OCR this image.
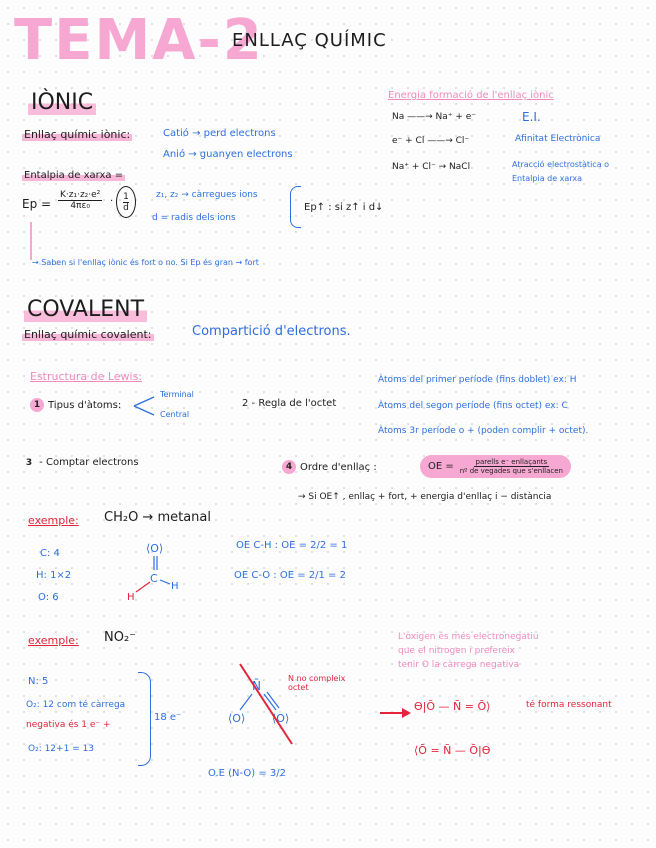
TEMA-2
ENLLAÇ QUÍMIC
IÒNIC
Enllaç químic iònic:	Catió → perd electrons
Anió → guanyen electrons
Entalpia de xarxa =
$Ep = \frac{\text{K·z₁·z₂·e²}}{\text{4πε₀}} \cdot 1$
d
z₁, z₂ → càrregues ions
d = radis dels ions
Ep↑ : si z↑ i d↓
→ Saben si l'enllaç iònic és fort o no. Si Ep és gran → fort
Energia formació de l'enllaç iònic
Na ——→ Na⁺ + e⁻	E.I.
e⁻ + Cl ——→ Cl⁻	Afinitat Electrònica
Na⁺ + Cl⁻ → NaCl	Atracció electrostàtica o
Entalpia de xarxa
COVALENT
Enllaç químic covalent:	Compartició d'electrons.
Estructura de Lewis:
1 Tipus d'àtoms:
Terminal
Central
2 - Regla de l'octet
Àtoms del primer període (fins doblet) ex: H
Àtoms del segon període (fins octet) ex: C
Àtoms 3r període o + (poden complir + octet).
3 - Comptar electrons	4 Ordre d'enllaç :	OE =	parells e⁻ enllaçants
nº de vegades que s'enllacen
→ Si OE↑ , enllaç + fort, + energia d'enllaç i − distància
exemple: CH₂O → metanal
C: 4
H: 1×2
O: 6
⟨O⟩
C
H
H
OE C-H : OE = 2/2 = 1
OE C-O : OE = 2/1 = 2
exemple: NO₂⁻
N: 5
O₂: 12 com té càrrega
negativa és 1 e⁻ +
O₂: 12+1 = 13
18 e⁻
N̄
⟨O⟩ ⟨O⟩
N no compleix octet
O.E (N-O) = 3/2
L'oxigen és més electronegatiu
que el nitrogen i prefereix
tenir O la càrrega negativa
ϴ|Ō — N̄ = Ō⟩	té forma ressonant
⟨Ō = N̄ — Ō|ϴ
